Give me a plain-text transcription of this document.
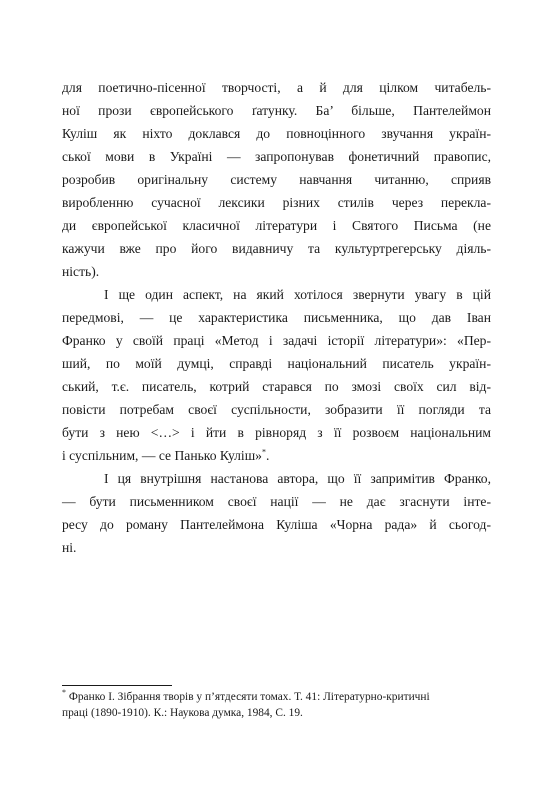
для поетично-пісенної творчості, а й для цілком читабель-
ної прози європейського ґатунку. Ба’ більше, Пантелеймон
Куліш як ніхто доклався до повноцінного звучання україн-
ської мови в Україні — запропонував фонетичний правопис,
розробив оригінальну систему навчання читанню, сприяв
виробленню сучасної лексики різних стилів через перекла-
ди європейської класичної літератури і Святого Письма (не
кажучи вже про його видавничу та культуртрегерську діяль-
ність).
І ще один аспект, на який хотілося звернути увагу в цій
передмові, — це характеристика письменника, що дав Іван
Франко у своїй праці «Метод і задачі історії літератури»: «Пер-
ший, по моїй думці, справді національний писатель україн-
ський, т.є. писатель, котрий старався по змозі своїх сил від-
повісти потребам своєї суспільности, зобразити її погляди та
бути з нею <…> і йти в рівноряд з її розвоєм національним
і суспільним, — се Панько Куліш»*.
І ця внутрішня настанова автора, що її запримітив Франко,
— бути письменником своєї нації — не дає згаснути інте-
ресу до роману Пантелеймона Куліша «Чорна рада» й сьогод-
ні.
* Франко І. Зібрання творів у п’ятдесяти томах. Т. 41: Літературно-критичні
праці (1890-1910). К.: Наукова думка, 1984, С. 19.
